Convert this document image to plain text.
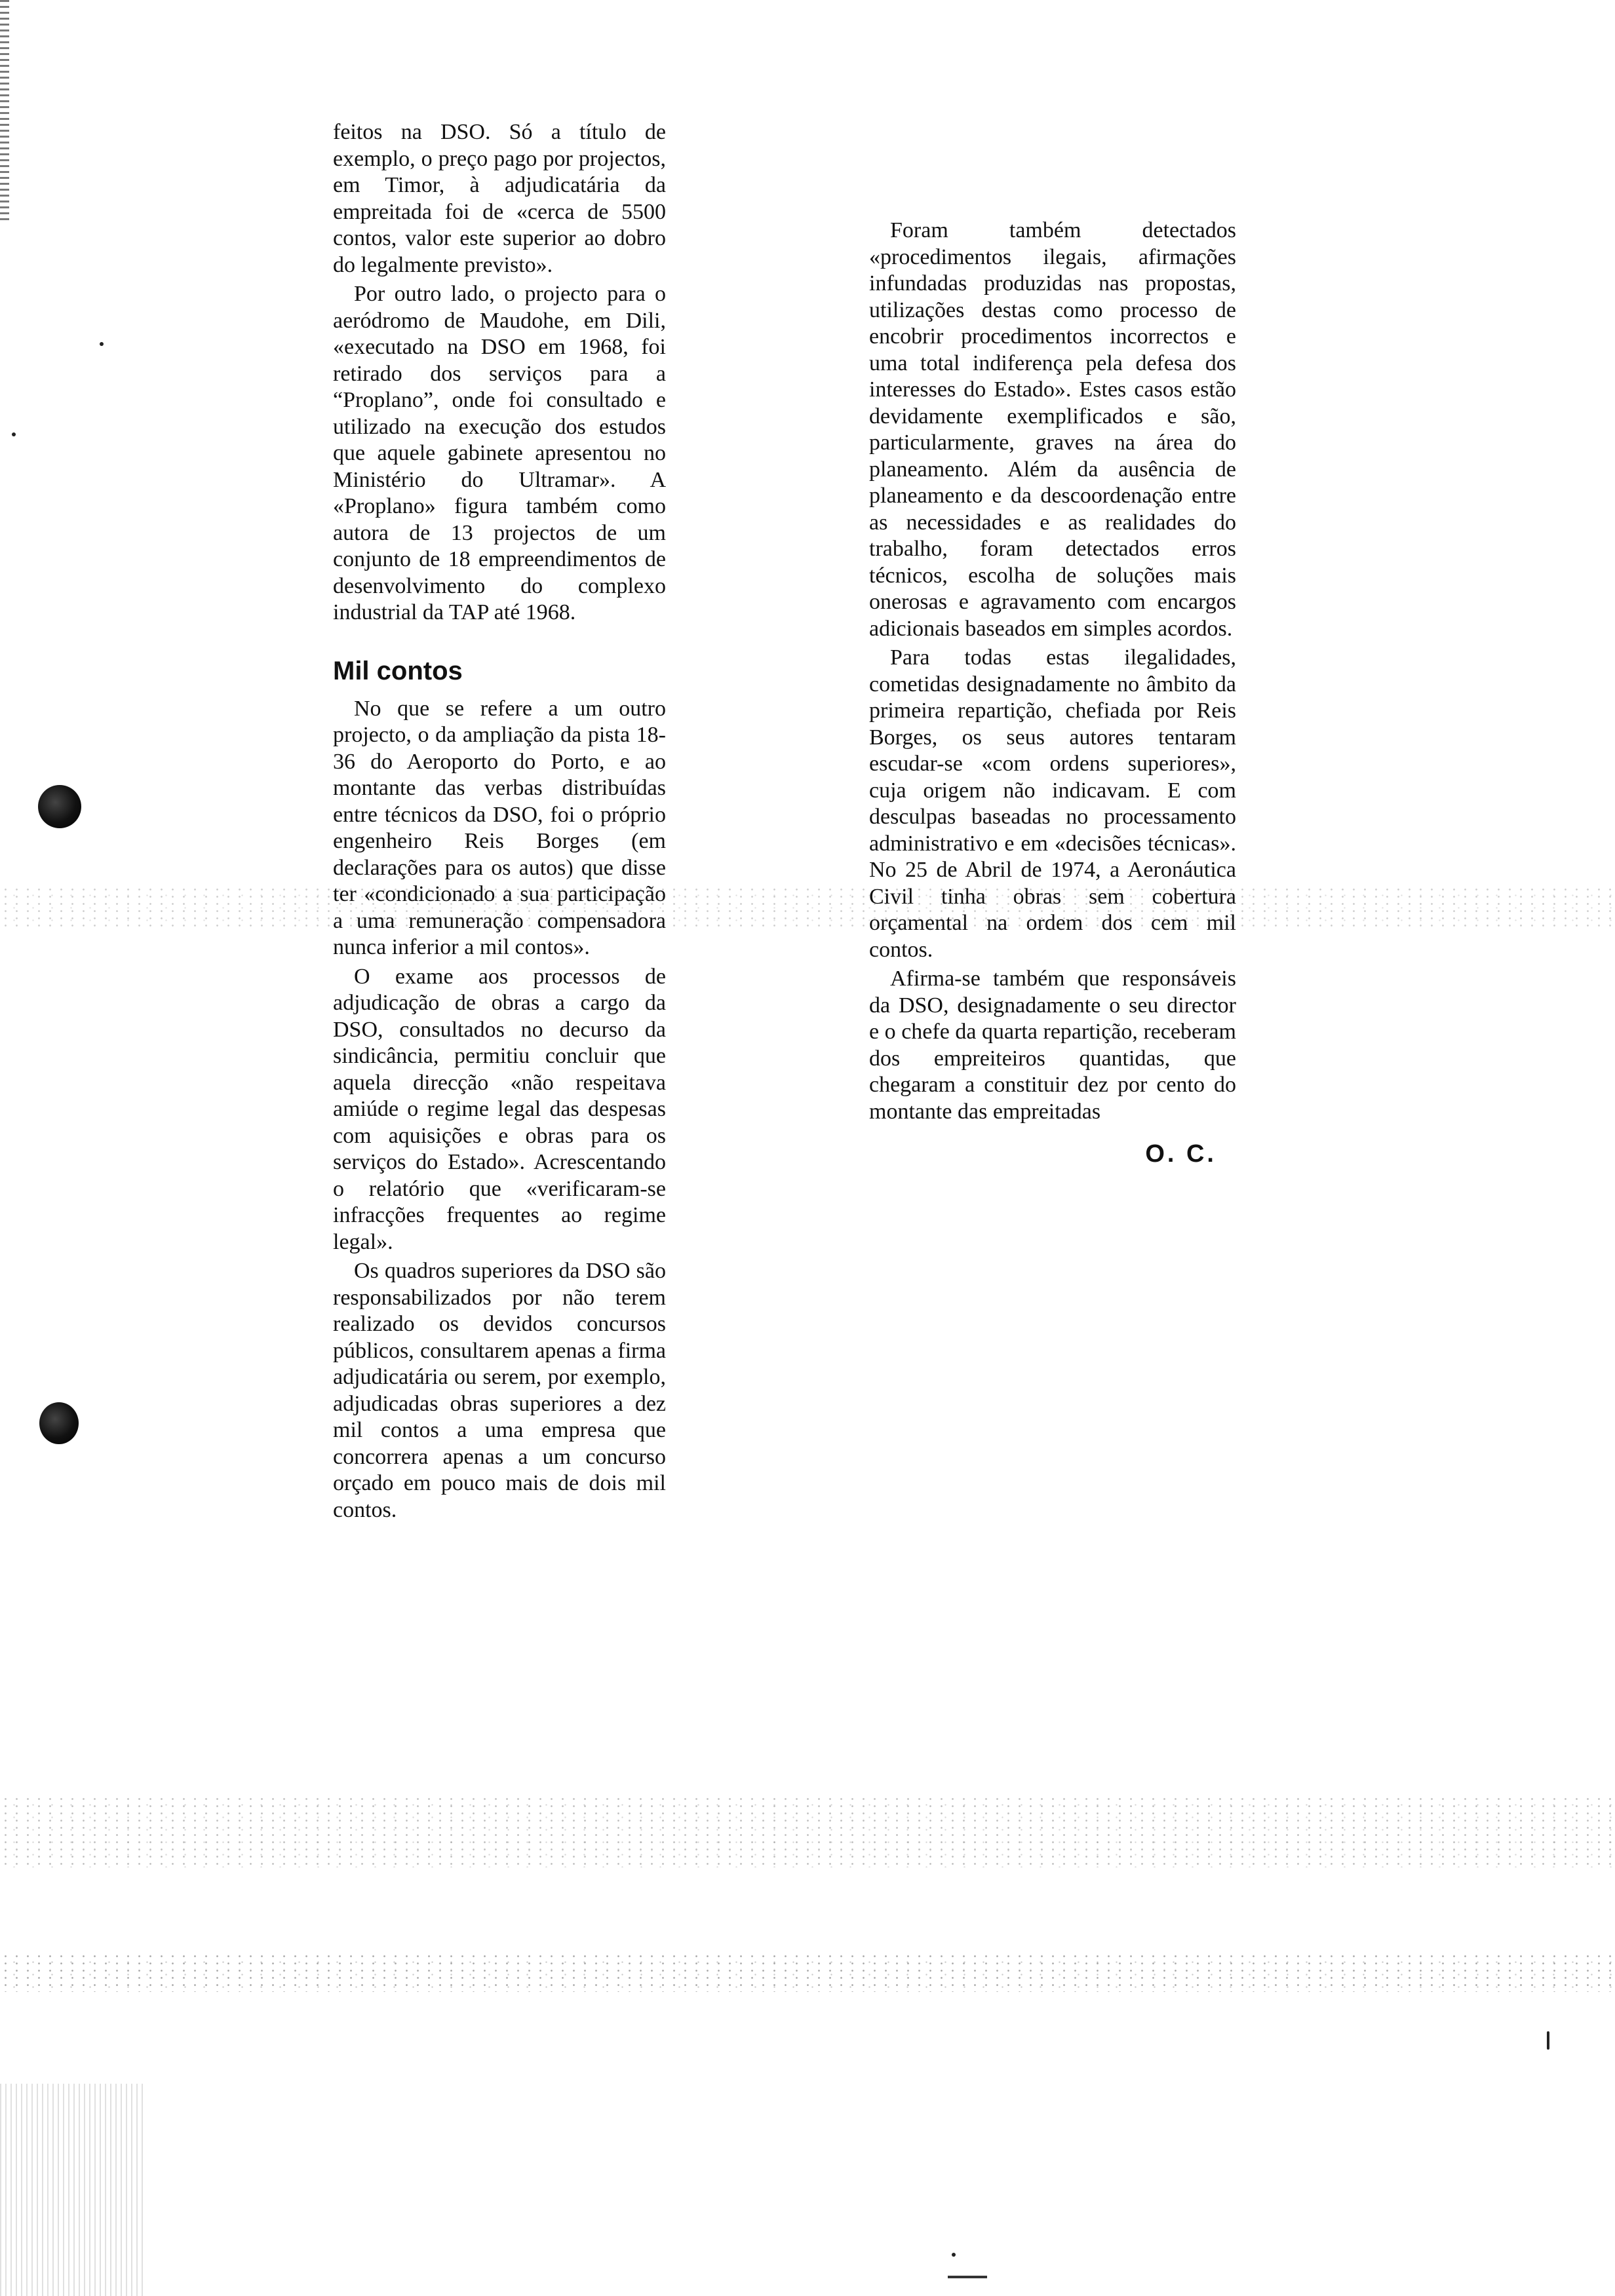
feitos na DSO. Só a título de exemplo, o preço pago por projectos, em Timor, à adjudicatária da empreitada foi de «cerca de 5500 contos, valor este superior ao dobro do legalmente previsto».

Por outro lado, o projecto para o aeródromo de Maudohe, em Dili, «executado na DSO em 1968, foi retirado dos serviços para a “Proplano”, onde foi consultado e utilizado na execução dos estudos que aquele gabinete apresentou no Ministério do Ultramar». A «Proplano» figura também como autora de 13 projectos de um conjunto de 18 empreendimentos de desenvolvimento do complexo industrial da TAP até 1968.

Mil contos

No que se refere a um outro projecto, o da ampliação da pista 18-36 do Aeroporto do Porto, e ao montante das verbas distribuídas entre técnicos da DSO, foi o próprio engenheiro Reis Borges (em declarações para os autos) que disse ter «condicionado a sua participação a uma remuneração compensadora nunca inferior a mil contos».

O exame aos processos de adjudicação de obras a cargo da DSO, consultados no decurso da sindicância, permitiu concluir que aquela direcção «não respeitava amiúde o regime legal das despesas com aquisições e obras para os serviços do Estado». Acrescentando o relatório que «verificaram-se infracções frequentes ao regime legal».

Os quadros superiores da DSO são responsabilizados por não terem realizado os devidos concursos públicos, consultarem apenas a firma adjudicatária ou serem, por exemplo, adjudicadas obras superiores a dez mil contos a uma empresa que concorrera apenas a um concurso orçado em pouco mais de dois mil contos.

Foram também detectados «procedimentos ilegais, afirmações infundadas produzidas nas propostas, utilizações destas como processo de encobrir procedimentos incorrectos e uma total indiferença pela defesa dos interesses do Estado». Estes casos estão devidamente exemplificados e são, particularmente, graves na área do planeamento. Além da ausência de planeamento e da descoordenação entre as necessidades e as realidades do trabalho, foram detectados erros técnicos, escolha de soluções mais onerosas e agravamento com encargos adicionais baseados em simples acordos.

Para todas estas ilegalidades, cometidas designadamente no âmbito da primeira repartição, chefiada por Reis Borges, os seus autores tentaram escudar-se «com ordens superiores», cuja origem não indicavam. E com desculpas baseadas no processamento administrativo e em «decisões técnicas». No 25 de Abril de 1974, a Aeronáutica Civil tinha obras sem cobertura orçamental na ordem dos cem mil contos.

Afirma-se também que responsáveis da DSO, designadamente o seu director e o chefe da quarta repartição, receberam dos empreiteiros quantidas, que chegaram a constituir dez por cento do montante das empreitadas

O. C.
